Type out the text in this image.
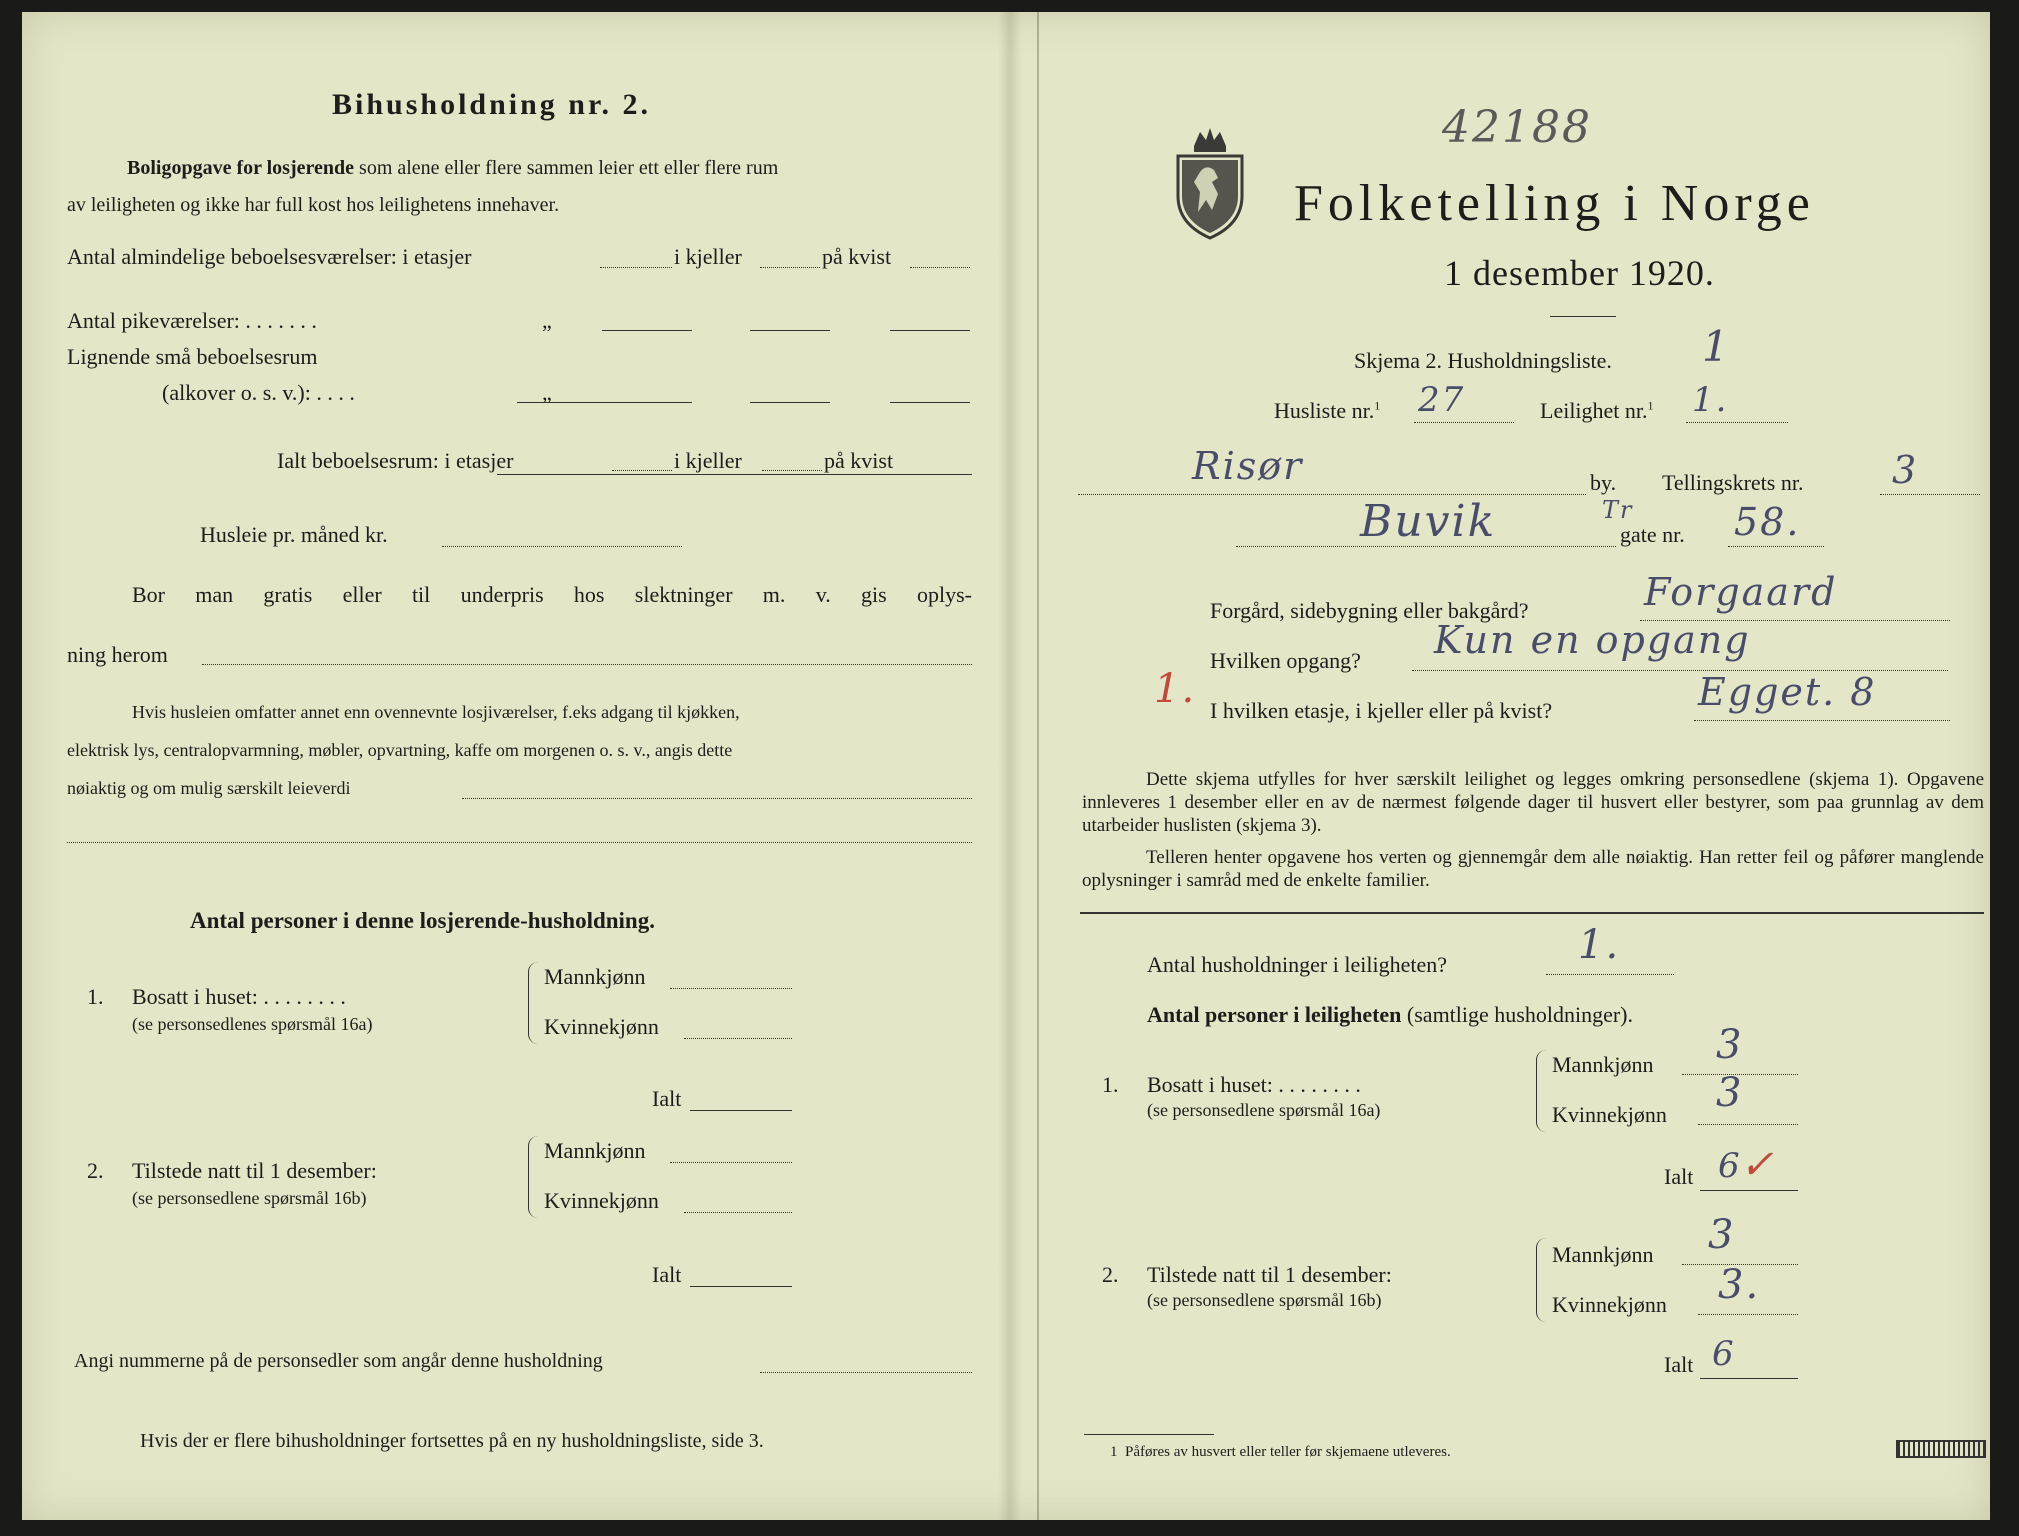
Bihusholdning nr. 2.
Boligopgave for losjerende som alene eller flere sammen leier ett eller flere rum
av leiligheten og ikke har full kost hos leilighetens innehaver.
Antal almindelige beboelsesværelser: i etasjer	i kjeller	på kvist
Antal pikeværelser: . . . . . . .	„
Lignende små beboelsesrum
(alkover o. s. v.): . . . .	„
Ialt beboelsesrum: i etasjer	i kjeller	på kvist
Husleie pr. måned kr.
Bor man gratis eller til underpris hos slektninger m. v. gis oplys-
ning herom
Hvis husleien omfatter annet enn ovennevnte losjiværelser, f.eks adgang til kjøkken,
elektrisk lys, centralopvarmning, møbler, opvartning, kaffe om morgenen o. s. v., angis dette
nøiaktig og om mulig særskilt leieverdi
Antal personer i denne losjerende-husholdning.
1. Bosatt i huset: . . . . . . . .
(se personsedlenes spørsmål 16a)
Mannkjønn
Kvinnekjønn
Ialt
2. Tilstede natt til 1 desember:
(se personsedlene spørsmål 16b)
Mannkjønn
Kvinnekjønn
Ialt
Angi nummerne på de personsedler som angår denne husholdning
Hvis der er flere bihusholdninger fortsettes på en ny husholdningsliste, side 3.
42188
Folketelling i Norge
1 desember 1920.
Skjema 2. Husholdningsliste. 1
Husliste nr.$^1$ 27	Leilighet nr.$^1$ 1.
Risør	by. Tellingskrets nr. 3
Buvik	Tr
gate nr. 58.
Forgård, sidebygning eller bakgård?	Forgaard
Hvilken opgang? Kun en opgang
1. I hvilken etasje, i kjeller eller på kvist?	Egget. 8
Dette skjema utfylles for hver særskilt leilighet og legges omkring personsedlene (skjema 1). Opgavene innleveres 1 desember eller en av de nærmest følgende dager til husvert eller bestyrer, som paa grunnlag av dem utarbeider huslisten (skjema 3).
Telleren henter opgavene hos verten og gjennemgår dem alle nøiaktig. Han retter feil og påfører manglende oplysninger i samråd med de enkelte familier.
Antal husholdninger i leiligheten?	1.
Antal personer i leiligheten (samtlige husholdninger).
1. Bosatt i huset: . . . . . . . .
(se personsedlene spørsmål 16a)
Mannkjønn 3
Kvinnekjønn 3
Ialt 6
✓
2. Tilstede natt til 1 desember:
(se personsedlene spørsmål 16b)
Mannkjønn 3
Kvinnekjønn 3.
Ialt 6
1 Påføres av husvert eller teller før skjemaene utleveres.
